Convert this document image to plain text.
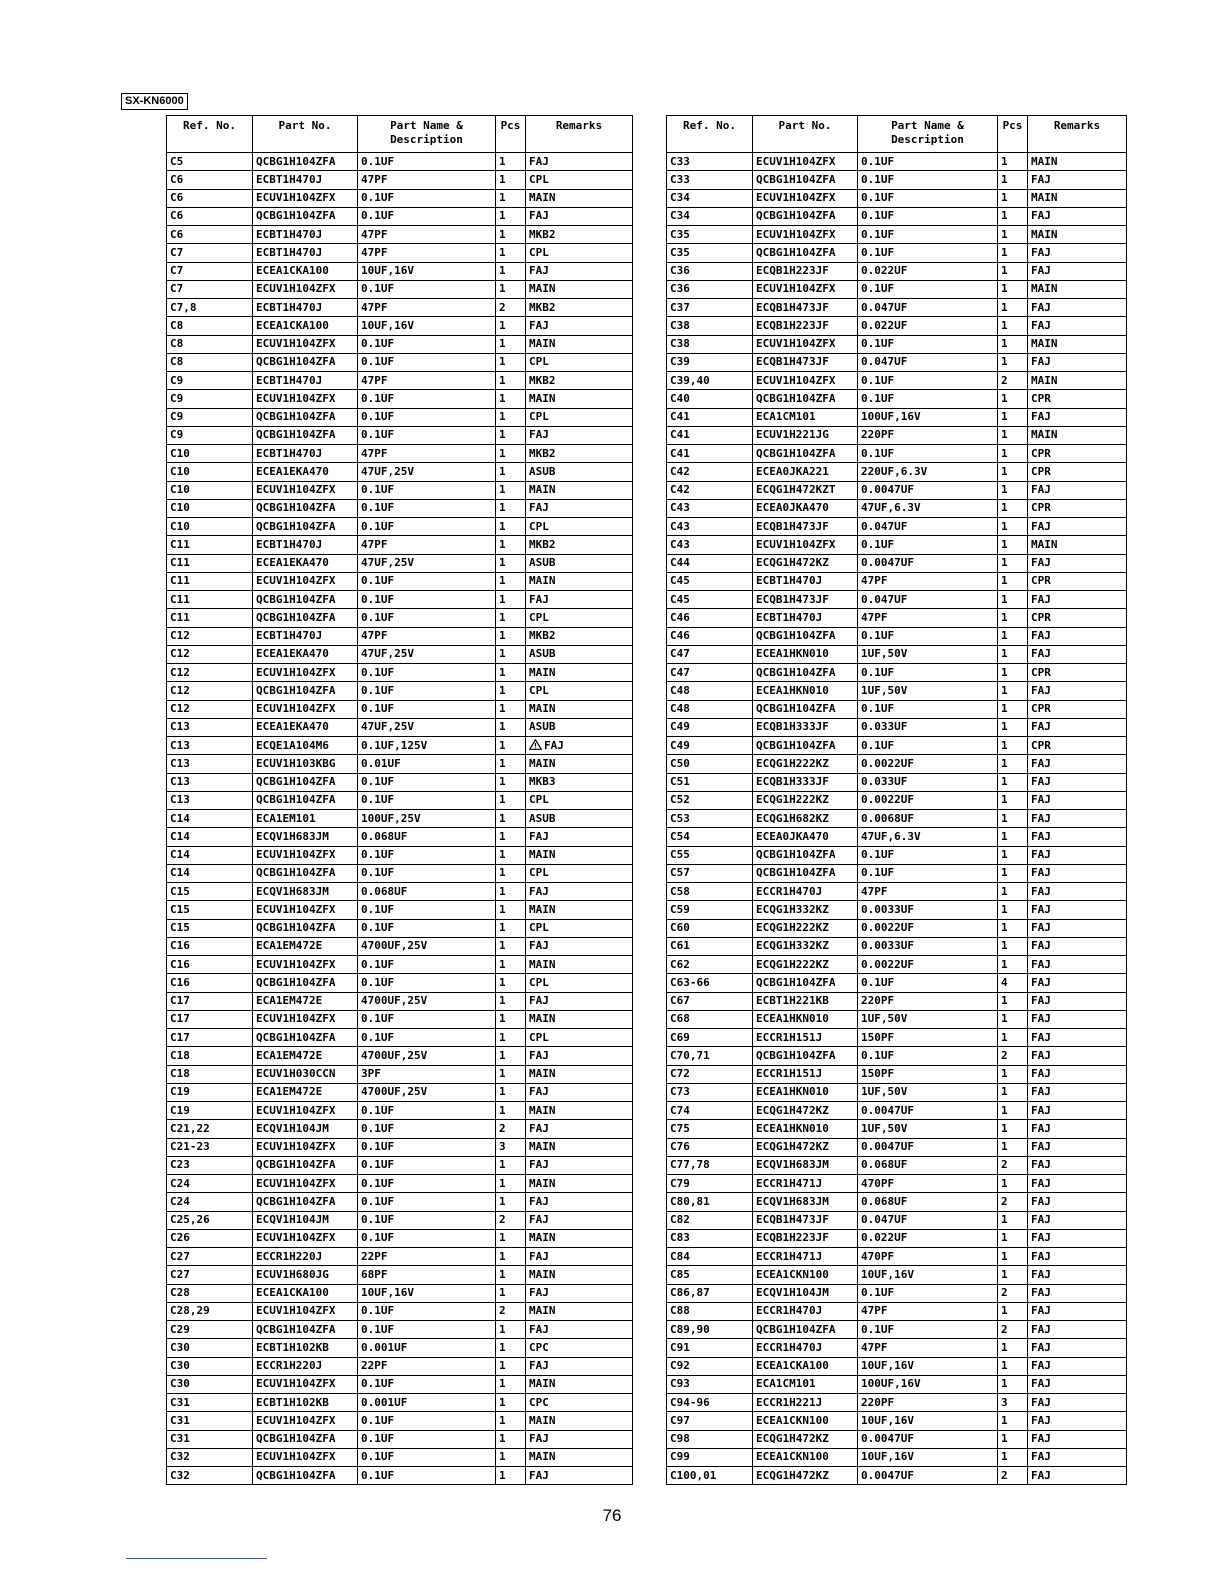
SX-KN6000
Ref. No.	Part No.	Part Name & Description	Pcs	Remarks
C5	QCBG1H104ZFA	0.1UF	1	FAJ
C6	ECBT1H470J	47PF	1	CPL
C6	ECUV1H104ZFX	0.1UF	1	MAIN
C6	QCBG1H104ZFA	0.1UF	1	FAJ
C6	ECBT1H470J	47PF	1	MKB2
C7	ECBT1H470J	47PF	1	CPL
C7	ECEA1CKA100	10UF,16V	1	FAJ
C7	ECUV1H104ZFX	0.1UF	1	MAIN
C7,8	ECBT1H470J	47PF	2	MKB2
C8	ECEA1CKA100	10UF,16V	1	FAJ
C8	ECUV1H104ZFX	0.1UF	1	MAIN
C8	QCBG1H104ZFA	0.1UF	1	CPL
C9	ECBT1H470J	47PF	1	MKB2
C9	ECUV1H104ZFX	0.1UF	1	MAIN
C9	QCBG1H104ZFA	0.1UF	1	CPL
C9	QCBG1H104ZFA	0.1UF	1	FAJ
C10	ECBT1H470J	47PF	1	MKB2
C10	ECEA1EKA470	47UF,25V	1	ASUB
C10	ECUV1H104ZFX	0.1UF	1	MAIN
C10	QCBG1H104ZFA	0.1UF	1	FAJ
C10	QCBG1H104ZFA	0.1UF	1	CPL
C11	ECBT1H470J	47PF	1	MKB2
C11	ECEA1EKA470	47UF,25V	1	ASUB
C11	ECUV1H104ZFX	0.1UF	1	MAIN
C11	QCBG1H104ZFA	0.1UF	1	FAJ
C11	QCBG1H104ZFA	0.1UF	1	CPL
C12	ECBT1H470J	47PF	1	MKB2
C12	ECEA1EKA470	47UF,25V	1	ASUB
C12	ECUV1H104ZFX	0.1UF	1	MAIN
C12	QCBG1H104ZFA	0.1UF	1	CPL
C12	ECUV1H104ZFX	0.1UF	1	MAIN
C13	ECEA1EKA470	47UF,25V	1	ASUB
C13	ECQE1A104M6	0.1UF,125V	1	FAJ
C13	ECUV1H103KBG	0.01UF	1	MAIN
C13	QCBG1H104ZFA	0.1UF	1	MKB3
C13	QCBG1H104ZFA	0.1UF	1	CPL
C14	ECA1EM101	100UF,25V	1	ASUB
C14	ECQV1H683JM	0.068UF	1	FAJ
C14	ECUV1H104ZFX	0.1UF	1	MAIN
C14	QCBG1H104ZFA	0.1UF	1	CPL
C15	ECQV1H683JM	0.068UF	1	FAJ
C15	ECUV1H104ZFX	0.1UF	1	MAIN
C15	QCBG1H104ZFA	0.1UF	1	CPL
C16	ECA1EM472E	4700UF,25V	1	FAJ
C16	ECUV1H104ZFX	0.1UF	1	MAIN
C16	QCBG1H104ZFA	0.1UF	1	CPL
C17	ECA1EM472E	4700UF,25V	1	FAJ
C17	ECUV1H104ZFX	0.1UF	1	MAIN
C17	QCBG1H104ZFA	0.1UF	1	CPL
C18	ECA1EM472E	4700UF,25V	1	FAJ
C18	ECUV1H030CCN	3PF	1	MAIN
C19	ECA1EM472E	4700UF,25V	1	FAJ
C19	ECUV1H104ZFX	0.1UF	1	MAIN
C21,22	ECQV1H104JM	0.1UF	2	FAJ
C21-23	ECUV1H104ZFX	0.1UF	3	MAIN
C23	QCBG1H104ZFA	0.1UF	1	FAJ
C24	ECUV1H104ZFX	0.1UF	1	MAIN
C24	QCBG1H104ZFA	0.1UF	1	FAJ
C25,26	ECQV1H104JM	0.1UF	2	FAJ
C26	ECUV1H104ZFX	0.1UF	1	MAIN
C27	ECCR1H220J	22PF	1	FAJ
C27	ECUV1H680JG	68PF	1	MAIN
C28	ECEA1CKA100	10UF,16V	1	FAJ
C28,29	ECUV1H104ZFX	0.1UF	2	MAIN
C29	QCBG1H104ZFA	0.1UF	1	FAJ
C30	ECBT1H102KB	0.001UF	1	CPC
C30	ECCR1H220J	22PF	1	FAJ
C30	ECUV1H104ZFX	0.1UF	1	MAIN
C31	ECBT1H102KB	0.001UF	1	CPC
C31	ECUV1H104ZFX	0.1UF	1	MAIN
C31	QCBG1H104ZFA	0.1UF	1	FAJ
C32	ECUV1H104ZFX	0.1UF	1	MAIN
C32	QCBG1H104ZFA	0.1UF	1	FAJ
Ref. No.	Part No.	Part Name & Description	Pcs	Remarks
C33	ECUV1H104ZFX	0.1UF	1	MAIN
C33	QCBG1H104ZFA	0.1UF	1	FAJ
C34	ECUV1H104ZFX	0.1UF	1	MAIN
C34	QCBG1H104ZFA	0.1UF	1	FAJ
C35	ECUV1H104ZFX	0.1UF	1	MAIN
C35	QCBG1H104ZFA	0.1UF	1	FAJ
C36	ECQB1H223JF	0.022UF	1	FAJ
C36	ECUV1H104ZFX	0.1UF	1	MAIN
C37	ECQB1H473JF	0.047UF	1	FAJ
C38	ECQB1H223JF	0.022UF	1	FAJ
C38	ECUV1H104ZFX	0.1UF	1	MAIN
C39	ECQB1H473JF	0.047UF	1	FAJ
C39,40	ECUV1H104ZFX	0.1UF	2	MAIN
C40	QCBG1H104ZFA	0.1UF	1	CPR
C41	ECA1CM101	100UF,16V	1	FAJ
C41	ECUV1H221JG	220PF	1	MAIN
C41	QCBG1H104ZFA	0.1UF	1	CPR
C42	ECEA0JKA221	220UF,6.3V	1	CPR
C42	ECQG1H472KZT	0.0047UF	1	FAJ
C43	ECEA0JKA470	47UF,6.3V	1	CPR
C43	ECQB1H473JF	0.047UF	1	FAJ
C43	ECUV1H104ZFX	0.1UF	1	MAIN
C44	ECQG1H472KZ	0.0047UF	1	FAJ
C45	ECBT1H470J	47PF	1	CPR
C45	ECQB1H473JF	0.047UF	1	FAJ
C46	ECBT1H470J	47PF	1	CPR
C46	QCBG1H104ZFA	0.1UF	1	FAJ
C47	ECEA1HKN010	1UF,50V	1	FAJ
C47	QCBG1H104ZFA	0.1UF	1	CPR
C48	ECEA1HKN010	1UF,50V	1	FAJ
C48	QCBG1H104ZFA	0.1UF	1	CPR
C49	ECQB1H333JF	0.033UF	1	FAJ
C49	QCBG1H104ZFA	0.1UF	1	CPR
C50	ECQG1H222KZ	0.0022UF	1	FAJ
C51	ECQB1H333JF	0.033UF	1	FAJ
C52	ECQG1H222KZ	0.0022UF	1	FAJ
C53	ECQG1H682KZ	0.0068UF	1	FAJ
C54	ECEA0JKA470	47UF,6.3V	1	FAJ
C55	QCBG1H104ZFA	0.1UF	1	FAJ
C57	QCBG1H104ZFA	0.1UF	1	FAJ
C58	ECCR1H470J	47PF	1	FAJ
C59	ECQG1H332KZ	0.0033UF	1	FAJ
C60	ECQG1H222KZ	0.0022UF	1	FAJ
C61	ECQG1H332KZ	0.0033UF	1	FAJ
C62	ECQG1H222KZ	0.0022UF	1	FAJ
C63-66	QCBG1H104ZFA	0.1UF	4	FAJ
C67	ECBT1H221KB	220PF	1	FAJ
C68	ECEA1HKN010	1UF,50V	1	FAJ
C69	ECCR1H151J	150PF	1	FAJ
C70,71	QCBG1H104ZFA	0.1UF	2	FAJ
C72	ECCR1H151J	150PF	1	FAJ
C73	ECEA1HKN010	1UF,50V	1	FAJ
C74	ECQG1H472KZ	0.0047UF	1	FAJ
C75	ECEA1HKN010	1UF,50V	1	FAJ
C76	ECQG1H472KZ	0.0047UF	1	FAJ
C77,78	ECQV1H683JM	0.068UF	2	FAJ
C79	ECCR1H471J	470PF	1	FAJ
C80,81	ECQV1H683JM	0.068UF	2	FAJ
C82	ECQB1H473JF	0.047UF	1	FAJ
C83	ECQB1H223JF	0.022UF	1	FAJ
C84	ECCR1H471J	470PF	1	FAJ
C85	ECEA1CKN100	10UF,16V	1	FAJ
C86,87	ECQV1H104JM	0.1UF	2	FAJ
C88	ECCR1H470J	47PF	1	FAJ
C89,90	QCBG1H104ZFA	0.1UF	2	FAJ
C91	ECCR1H470J	47PF	1	FAJ
C92	ECEA1CKA100	10UF,16V	1	FAJ
C93	ECA1CM101	100UF,16V	1	FAJ
C94-96	ECCR1H221J	220PF	3	FAJ
C97	ECEA1CKN100	10UF,16V	1	FAJ
C98	ECQG1H472KZ	0.0047UF	1	FAJ
C99	ECEA1CKN100	10UF,16V	1	FAJ
C100,01	ECQG1H472KZ	0.0047UF	2	FAJ
76
